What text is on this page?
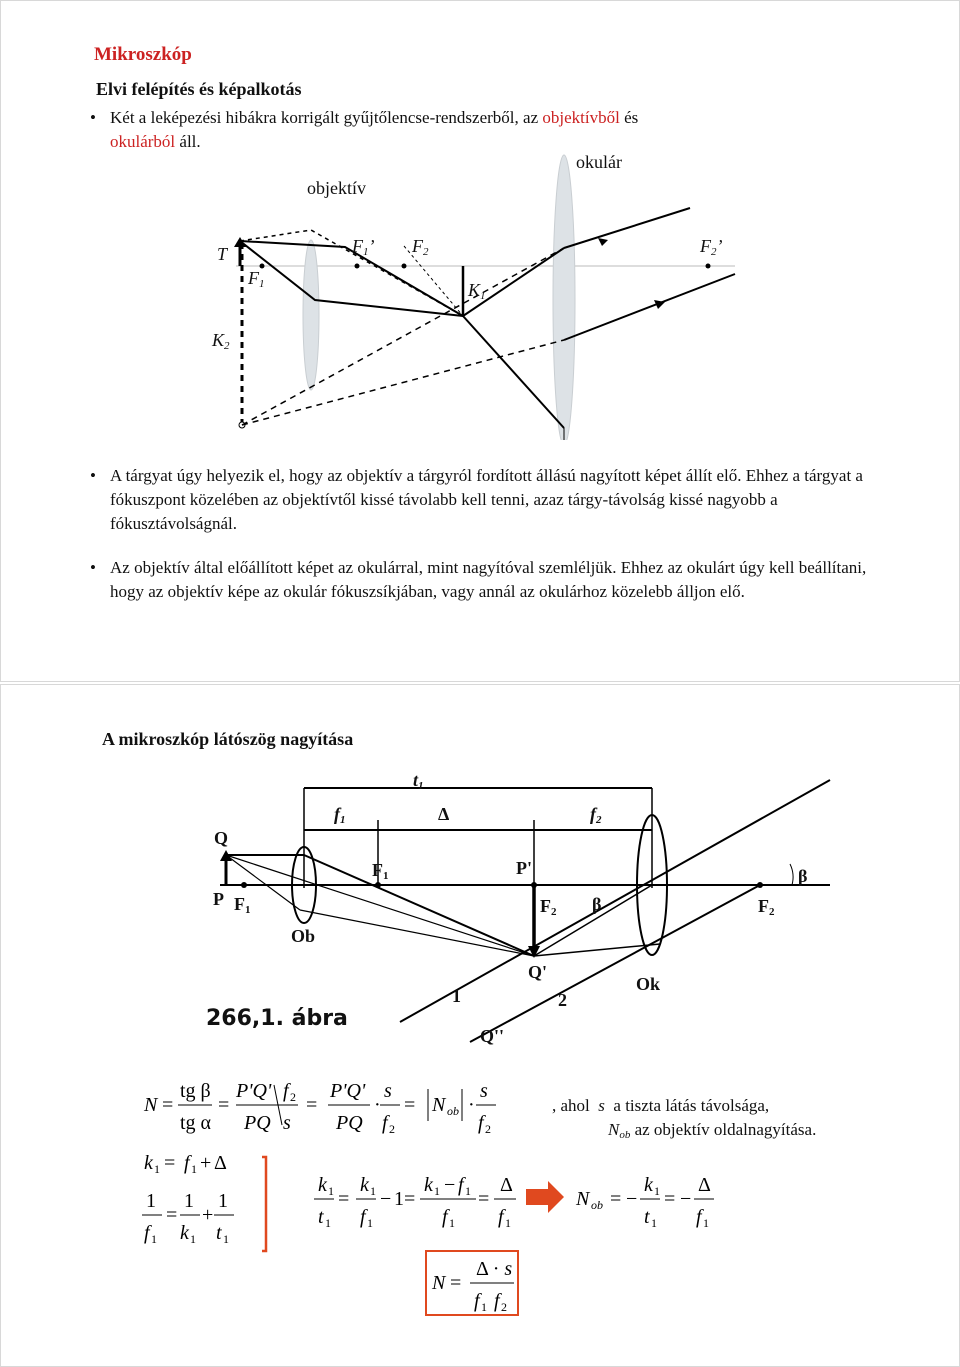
Mikroszkóp
Elvi felépítés és képalkotás
• Két a leképezési hibákra korrigált gyűjtőlencse-rendszerből, az objektívből és
okulárból áll.
objektív
okulár
T
$F_1$
$F_1$’ $F_2$	$F_2$’
$K_1$
$K_2$
• A tárgyat úgy helyezik el, hogy az objektív a tárgyról fordított állású nagyított képet állít elő. Ehhez a tárgyat a fókuszpont közelében az objektívtől kissé távolabb kell tenni, azaz tárgy-távolság kissé nagyobb a fókusztávolságnál.
• Az objektív által előállított képet az okulárral, mint nagyítóval szemléljük. Ehhez az okulárt úgy kell beállítani, hogy az objektív képe az okulár fókuszsíkjában, vagy annál az okulárhoz közelebb álljon elő.
A mikroszkóp látószög nagyítása
$t_1$
$f_1$	Δ	$f_2$
Q
P $F_1$
Ob
$F_1$	P'
$F_2$ β
Q'
Ok
β
$F_2$
1	2
Q''
266,1. ábra
N =
tg β
tg α
=
P'Q' f 2
PQ s
=
P'Q'
PQ
·
s
f 2
= N ob ·
s
f 2
k 1 = f 1 + Δ
1
f 1
=
1
k 1
+
1
t 1
k 1
t 1
=
k 1
f 1
− 1 =
k 1 − f 1
f 1
=
Δ
f 1
N ob = −
k 1
t 1
= −
Δ
f 1
N =
Δ · s
f 1 f 2
, ahol s a tiszta látás távolsága,
$N_{ob}$ az objektív oldalnagyítása.
